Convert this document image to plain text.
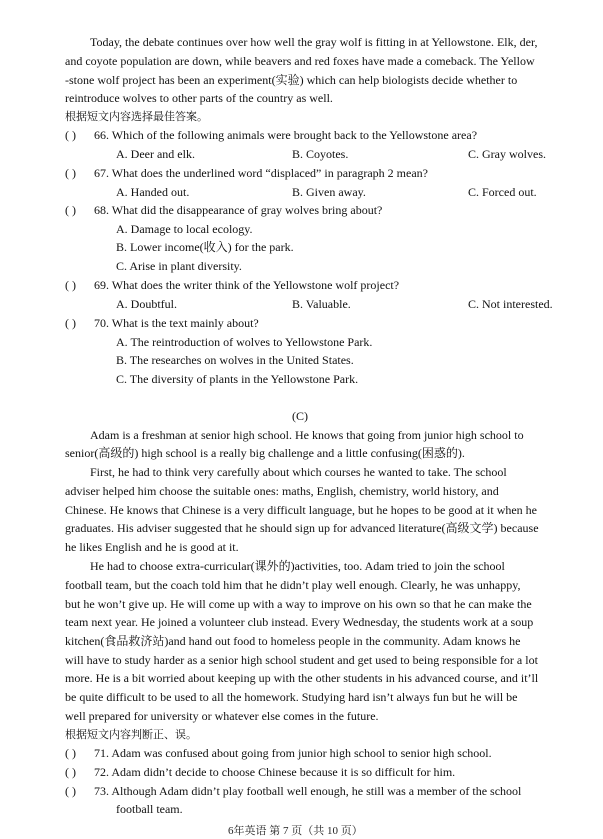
Today, the debate continues over how well the gray wolf is fitting in at Yellowstone. Elk, der,
and coyote population are down, while beavers and red foxes have made a comeback. The Yellow
-stone wolf project has been an experiment(实验) which can help biologists decide whether to
reintroduce wolves to other parts of the country as well.
根据短文内容选择最佳答案。
( ) 66. Which of the following animals were brought back to the Yellowstone area?
A. Deer and elk.	B. Coyotes.	C. Gray wolves.
( ) 67. What does the underlined word “displaced” in paragraph 2 mean?
A. Handed out.	B. Given away.	C. Forced out.
( ) 68. What did the disappearance of gray wolves bring about?
A. Damage to local ecology.
B. Lower income(收入) for the park.
C. Arise in plant diversity.
( ) 69. What does the writer think of the Yellowstone wolf project?
A. Doubtful.	B. Valuable.	C. Not interested.
( ) 70. What is the text mainly about?
A. The reintroduction of wolves to Yellowstone Park.
B. The researches on wolves in the United States.
C. The diversity of plants in the Yellowstone Park.
(C)
Adam is a freshman at senior high school. He knows that going from junior high school to
senior(高级的) high school is a really big challenge and a little confusing(困惑的).
First, he had to think very carefully about which courses he wanted to take. The school
adviser helped him choose the suitable ones: maths, English, chemistry, world history, and
Chinese. He knows that Chinese is a very difficult language, but he hopes to be good at it when he
graduates. His adviser suggested that he should sign up for advanced literature(高级文学) because
he likes English and he is good at it.
He had to choose extra-curricular(课外的)activities, too. Adam tried to join the school
football team, but the coach told him that he didn’t play well enough. Clearly, he was unhappy,
but he won’t give up. He will come up with a way to improve on his own so that he can make the
team next year. He joined a volunteer club instead. Every Wednesday, the students work at a soup
kitchen(食品救济站)and hand out food to homeless people in the community. Adam knows he
will have to study harder as a senior high school student and get used to being responsible for a lot
more. He is a bit worried about keeping up with the other students in his advanced course, and it’ll
be quite difficult to be used to all the homework. Studying hard isn’t always fun but he will be
well prepared for university or whatever else comes in the future.
根据短文内容判断正、误。
( ) 71. Adam was confused about going from junior high school to senior high school.
( ) 72. Adam didn’t decide to choose Chinese because it is so difficult for him.
( ) 73. Although Adam didn’t play football well enough, he still was a member of the school
football team.
6年英语 第 7 页（共 10 页）
